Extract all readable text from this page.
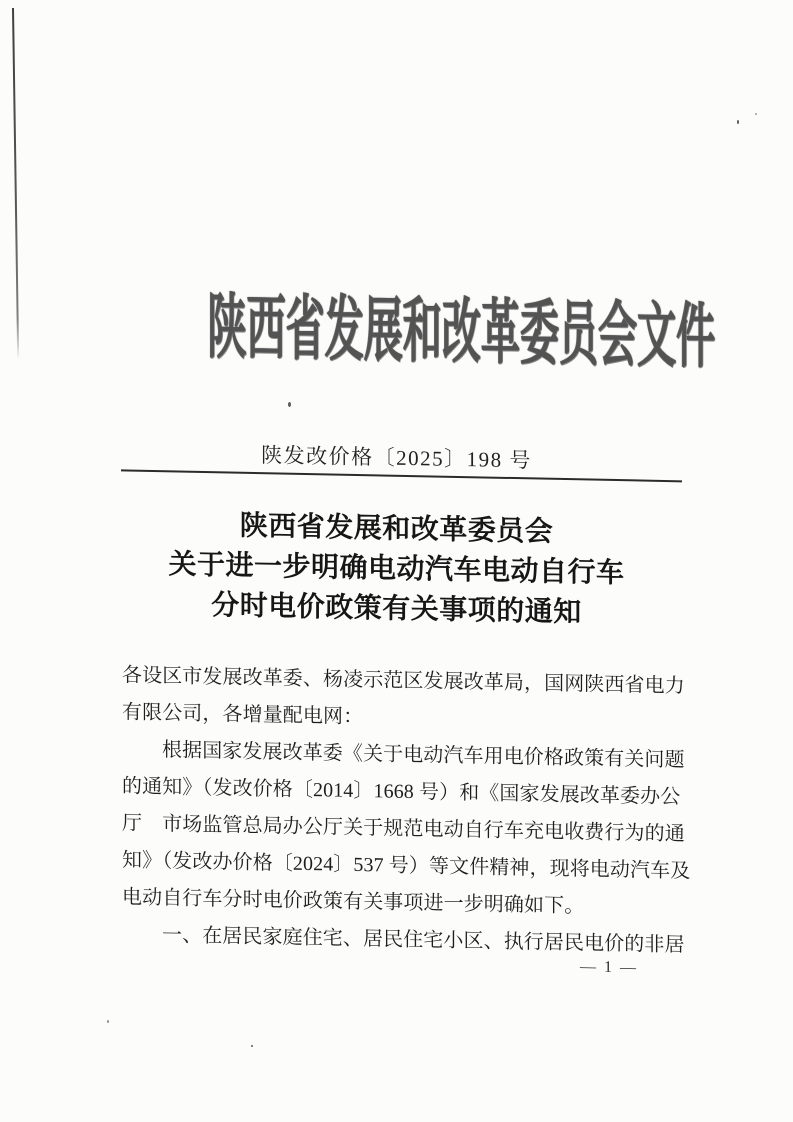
陕西省发展和改革委员会文件
陕发改价格〔2025〕198 号
陕西省发展和改革委员会
关于进一步明确电动汽车电动自行车
分时电价政策有关事项的通知
各设区市发展改革委、杨凌示范区发展改革局，国网陕西省电力
有限公司，各增量配电网：
根据国家发展改革委《关于电动汽车用电价格政策有关问题
的通知》（发改价格〔2014〕1668 号）和《国家发展改革委办公
厅　市场监管总局办公厅关于规范电动自行车充电收费行为的通
知》（发改办价格〔2024〕537 号）等文件精神，现将电动汽车及
电动自行车分时电价政策有关事项进一步明确如下。
一、在居民家庭住宅、居民住宅小区、执行居民电价的非居
— 1 —
